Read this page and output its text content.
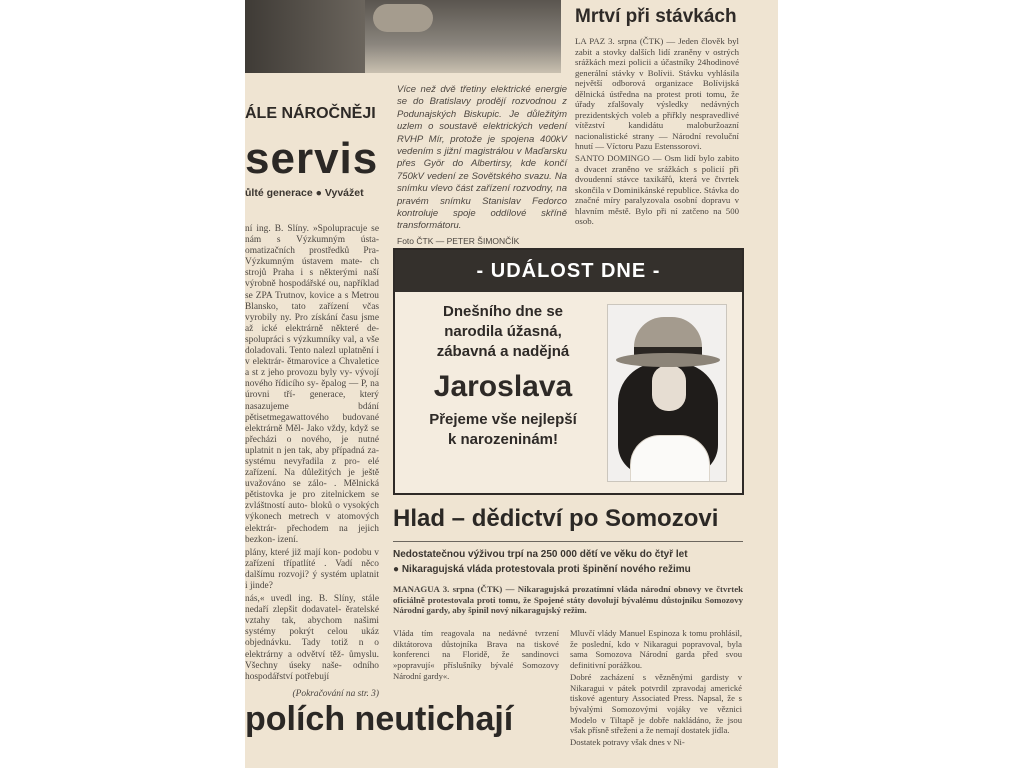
Více než dvě třetiny elektrické energie se do Bratislavy prodějí rozvodnou z Podunajských Biskupic. Je důležitým uzlem o soustavě elektrických vedení RVHP Mír, protože je spojena 400kV vedením s jižní magistrálou v Maďarsku přes Györ do Albertirsy, kde končí 750kV vedení ze Sovětského svazu. Na snímku vlevo část zařízení rozvodny, na pravém snímku Stanislav Fedorco kontroluje spoje oddílové skříně transformátoru.
Foto ČTK — PETER ŠIMONČÍK
ÁLE NÁROČNĚJI
servis
ůlté generace ● Vyvážet

ní ing. B. Slíny. »Spolupracuje se nám s Výzkumným ústa- omatizačních prostředků Pra- Výzkumným ústavem mate- ch strojů Praha i s některými naší výrobně hospodářské ou, například se ZPA Trutnov, kovice a s Metrou Blansko, tato zařízení včas vyrobily ny. Pro získání času jsme až ické elektrárně některé de- spolupráci s výzkumníky val, a vše doladovali. Tento nalezl uplatnění i v elektrár- ětmarovice a Chvaletice a st z jeho provozu byly vy- vývojí nového řídicího sy- ěpalog — P, na úrovni tří- generace, který nasazujeme bdání pětisetmegawattového budované elektrárně Měl- Jako vždy, když se přecházi o nového, je nutné uplatnit n jen tak, aby případná za- systému nevyřadila z pro- elé zařízení. Na důležitých je ještě uvažováno se zálo- . Mělnická pětistovka je pro zitelnickem se zvláštností auto- bloků o vysokých výkonech metrech v atomových elektrár- přechodem na jejich bezkon- izení.

plány, které již mají kon- podobu v zařízení třípatlíté . Vadí něco dalšímu rozvoji? ý systém uplatnit i jinde?

nás,« uvedl ing. B. Slíny, stále nedaří zlepšit dodavatel- ěratelské vztahy tak, abychom našimi systémy pokrýt celou ukáz objednávku. Tady totiž n o elektrárny a odvětví těž- ůmyslu. Všechny úseky naše- odního hospodářství potřebují

(Pokračování na str. 3)

polích neutichají
Mrtví při stávkách

LA PAZ 3. srpna (ČTK) — Jeden člověk byl zabit a stovky dalších lidí zraněny v ostrých srážkách mezi policii a účastníky 24hodinové generální stávky v Bolívii. Stávku vyhlásila největší odborová organizace Bolívijská dělnická ústředna na protest proti tomu, že úřady zfalšovaly výsledky nedávných prezidentských voleb a přiřkly nespravedlivé vítězství kandidátu maloburžoazní nacionalistické strany — Národní revoluční hnutí — Víctoru Pazu Estenssorovi.

SANTO DOMINGO — Osm lidí bylo zabito a dvacet zraněno ve srážkách s policií při dvoudenní stávce taxikářů, která ve čtvrtek skončila v Dominikánské republice. Stávka do značné míry paralyzovala osobní dopravu v hlavním městě. Bylo při ní zatčeno na 500 osob.

- UDÁLOST DNE -
Dnešního dne se
narodila úžasná,
zábavná a nadějná
Jaroslava
Přejeme vše nejlepší
k narozeninám!
Hlad – dědictví po Somozovi
Nedostatečnou výživou trpí na 250 000 dětí ve věku do čtyř let
● Nikaragujská vláda protestovala proti špinění nového režimu
MANAGUA 3. srpna (ČTK) — Nikaragujská prozatímní vláda národní obnovy ve čtvrtek oficiálně protestovala proti tomu, že Spojené státy dovolují bývalému důstojníku Somozovy Národní gardy, aby špinil nový nikaragujský režim.
Vláda tím reagovala na nedávné tvrzení diktátorova důstojníka Brava na tiskové konferenci na Floridě, že sandinovci »popravují« příslušníky bývalé Somozovy Národní gardy«.

Mluvčí vlády Manuel Espinoza k tomu prohlásil, že poslední, kdo v Nikaragui popravoval, byla sama Somozova Národní garda před svou definitivní porážkou.

Dobré zacházení s vězněnými gardisty v Nikaragui v pátek potvrdil zpravodaj americké tiskové agentury Associated Press. Napsal, že s bývalými Somozovými vojáky ve věznici Modelo v Tiltapě je dobře nakládáno, že jsou však přísně střeženi a že nemají dostatek jídla.

Dostatek potravy však dnes v Ni-
